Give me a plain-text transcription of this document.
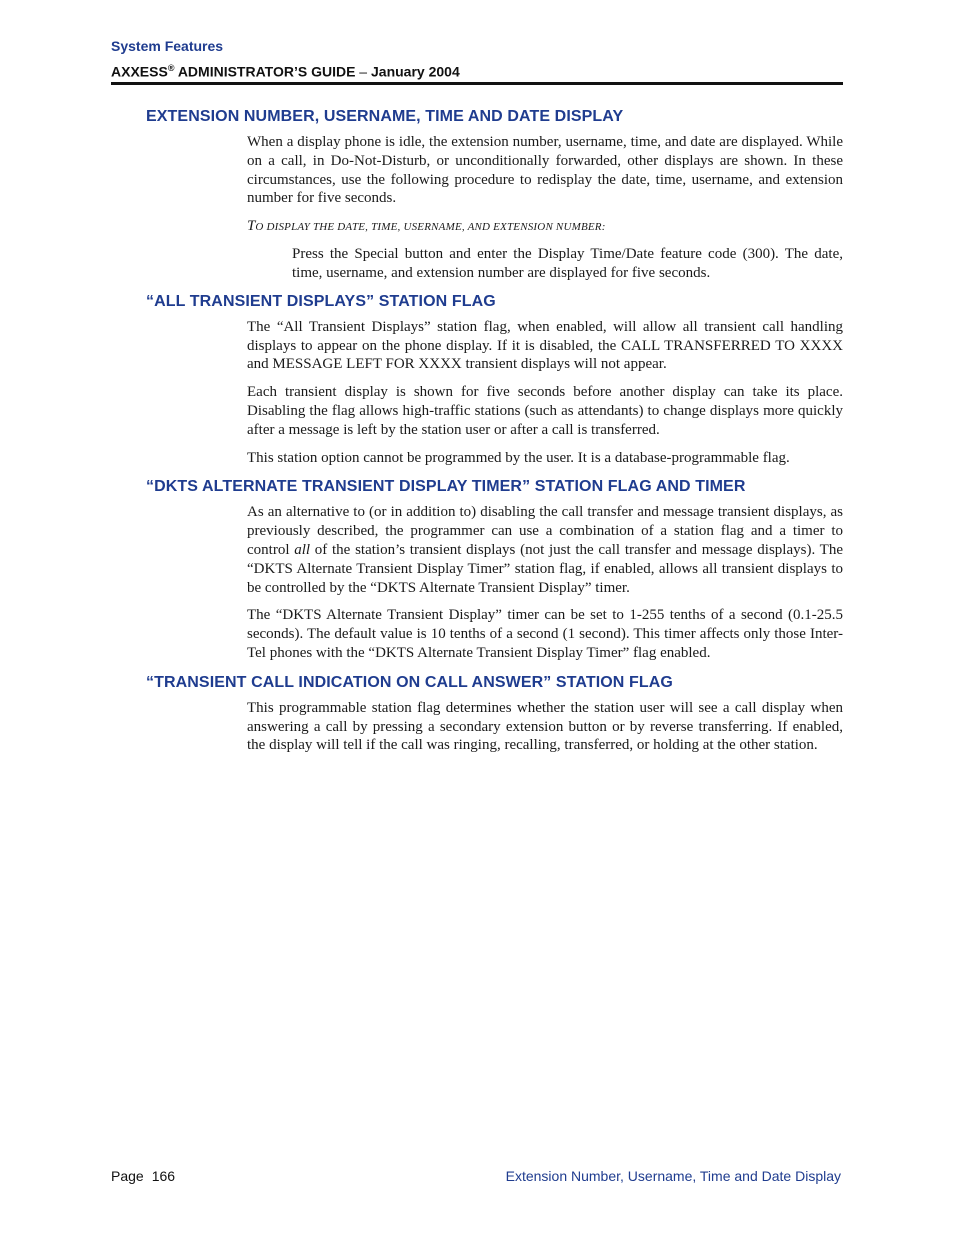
System Features
AXXESS® ADMINISTRATOR’S GUIDE – January 2004
EXTENSION NUMBER, USERNAME, TIME AND DATE DISPLAY

When a display phone is idle, the extension number, username, time, and date are displayed. While on a call, in Do-Not-Disturb, or unconditionally forwarded, other displays are shown. In these circumstances, use the following procedure to redisplay the date, time, username, and extension number for five seconds.

TO DISPLAY THE DATE, TIME, USERNAME, AND EXTENSION NUMBER:

Press the Special button and enter the Display Time/Date feature code (300). The date, time, username, and extension number are displayed for five seconds.

“ALL TRANSIENT DISPLAYS” STATION FLAG

The “All Transient Displays” station flag, when enabled, will allow all transient call handling displays to appear on the phone display. If it is disabled, the CALL TRANSFERRED TO XXXX and MESSAGE LEFT FOR XXXX transient displays will not appear.

Each transient display is shown for five seconds before another display can take its place. Disabling the flag allows high-traffic stations (such as attendants) to change displays more quickly after a message is left by the station user or after a call is transferred.

This station option cannot be programmed by the user. It is a database-programmable flag.

“DKTS ALTERNATE TRANSIENT DISPLAY TIMER” STATION FLAG AND TIMER

As an alternative to (or in addition to) disabling the call transfer and message transient displays, as previously described, the programmer can use a combination of a station flag and a timer to control all of the station’s transient displays (not just the call transfer and message displays). The “DKTS Alternate Transient Display Timer” station flag, if enabled, allows all transient displays to be controlled by the “DKTS Alternate Transient Display” timer.

The “DKTS Alternate Transient Display” timer can be set to 1-255 tenths of a second (0.1-25.5 seconds). The default value is 10 tenths of a second (1 second). This timer affects only those Inter-Tel phones with the “DKTS Alternate Transient Display Timer” flag enabled.

“TRANSIENT CALL INDICATION ON CALL ANSWER” STATION FLAG

This programmable station flag determines whether the station user will see a call display when answering a call by pressing a secondary extension button or by reverse transferring. If enabled, the display will tell if the call was ringing, recalling, transferred, or holding at the other station.

Page 166	Extension Number, Username, Time and Date Display
